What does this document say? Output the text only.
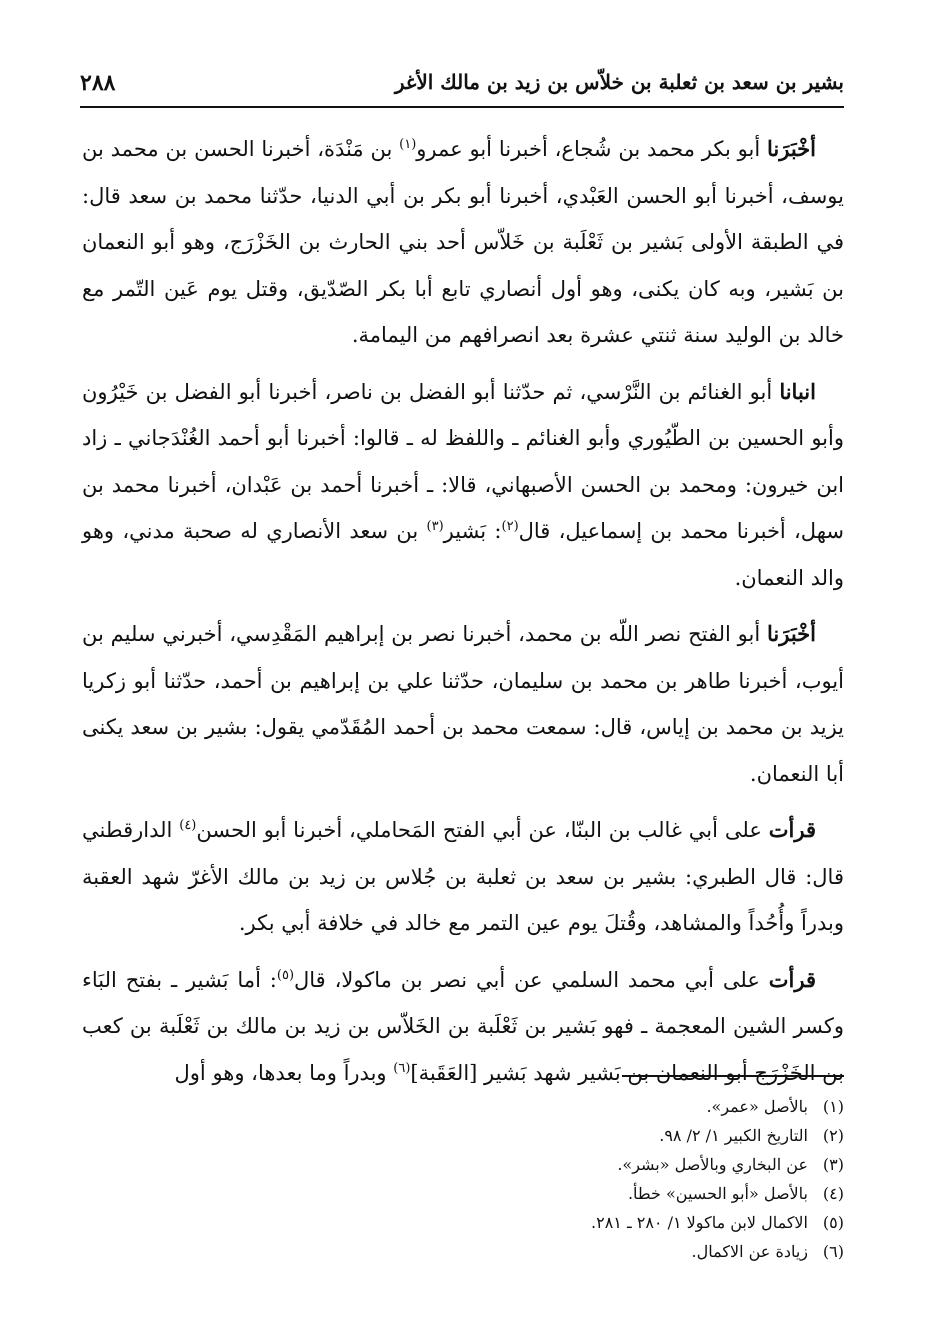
بشير بن سعد بن ثعلبة بن خلاّس بن زيد بن مالك الأغر
٢٨٨

أخْبَرَنا أبو بكر محمد بن شُجاع، أخبرنا أبو عمرو$^{(١)}$ بن مَنْدَة، أخبرنا الحسن بن محمد بن يوسف، أخبرنا أبو الحسن العَبْدي، أخبرنا أبو بكر بن أبي الدنيا، حدّثنا محمد بن سعد قال: في الطبقة الأولى بَشير بن ثَعْلَبة بن خَلاّس أحد بني الحارث بن الخَزْرَج، وهو أبو النعمان بن بَشير، وبه كان يكنى، وهو أول أنصاري تابع أبا بكر الصّدّيق، وقتل يوم عَين التّمر مع خالد بن الوليد سنة ثنتي عشرة بعد انصرافهم من اليمامة.

انبانا أبو الغنائم بن النَّرْسي، ثم حدّثنا أبو الفضل بن ناصر، أخبرنا أبو الفضل بن خَيْرُون وأبو الحسين بن الطّيُوري وأبو الغنائم ـ واللفظ له ـ قالوا: أخبرنا أبو أحمد الغُنْدَجاني ـ زاد ابن خيرون: ومحمد بن الحسن الأصبهاني، قالا: ـ أخبرنا أحمد بن عَبْدان، أخبرنا محمد بن سهل، أخبرنا محمد بن إسماعيل، قال$^{(٢)}$: بَشير$^{(٣)}$ بن سعد الأنصاري له صحبة مدني، وهو والد النعمان.

أخْبَرَنا أبو الفتح نصر اللّه بن محمد، أخبرنا نصر بن إبراهيم المَقْدِسي، أخبرني سليم بن أيوب، أخبرنا طاهر بن محمد بن سليمان، حدّثنا علي بن إبراهيم بن أحمد، حدّثنا أبو زكريا يزيد بن محمد بن إياس، قال: سمعت محمد بن أحمد المُقَدّمي يقول: بشير بن سعد يكنى أبا النعمان.

قرأت على أبي غالب بن البنّا، عن أبي الفتح المَحاملي، أخبرنا أبو الحسن$^{(٤)}$ الدارقطني قال: قال الطبري: بشير بن سعد بن ثعلبة بن جُلاس بن زيد بن مالك الأغرّ شهد العقبة وبدراً وأُحُداً والمشاهد، وقُتلَ يوم عين التمر مع خالد في خلافة أبي بكر.

قرأت على أبي محمد السلمي عن أبي نصر بن ماكولا، قال$^{(٥)}$: أما بَشير ـ بفتح البَاء وكسر الشين المعجمة ـ فهو بَشير بن ثَعْلَبة بن الخَلاّس بن زيد بن مالك بن ثَعْلَبة بن كعب بن الخَزْرَج أبو النعمان بن بَشير شهد بَشير [العَقَبة]$^{(٦)}$ وبدراً وما بعدها، وهو أول

(١)بالأصل «عمر».
(٢)التاريخ الكبير ١/ ٢/ ٩٨.
(٣)عن البخاري وبالأصل «بشر».
(٤)بالأصل «أبو الحسين» خطأ.
(٥)الاكمال لابن ماكولا ١/ ٢٨٠ ـ ٢٨١.
(٦)زيادة عن الاكمال.
